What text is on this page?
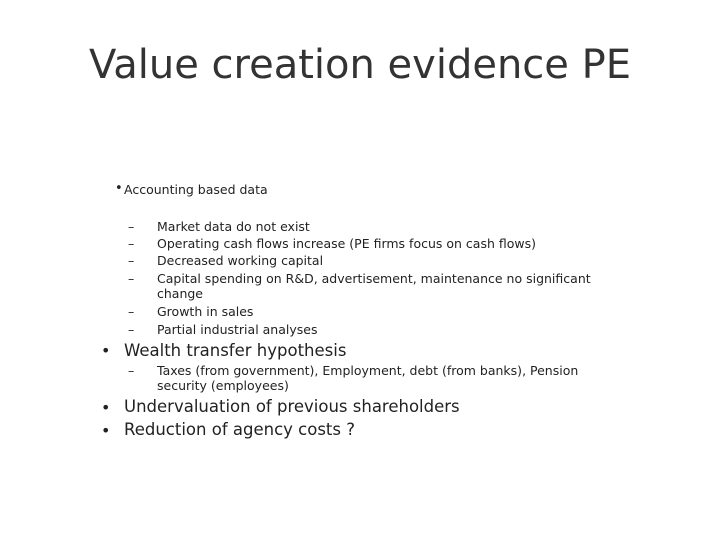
Value creation evidence PE
• Accounting based data
– Market data do not exist
– Operating cash flows increase (PE firms focus on cash flows)
– Decreased working capital
– Capital spending on R&D, advertisement, maintenance no significant
change
– Growth in sales
– Partial industrial analyses
• Wealth transfer hypothesis
– Taxes (from government), Employment, debt (from banks), Pension
security (employees)
• Undervaluation of previous shareholders
• Reduction of agency costs ?
